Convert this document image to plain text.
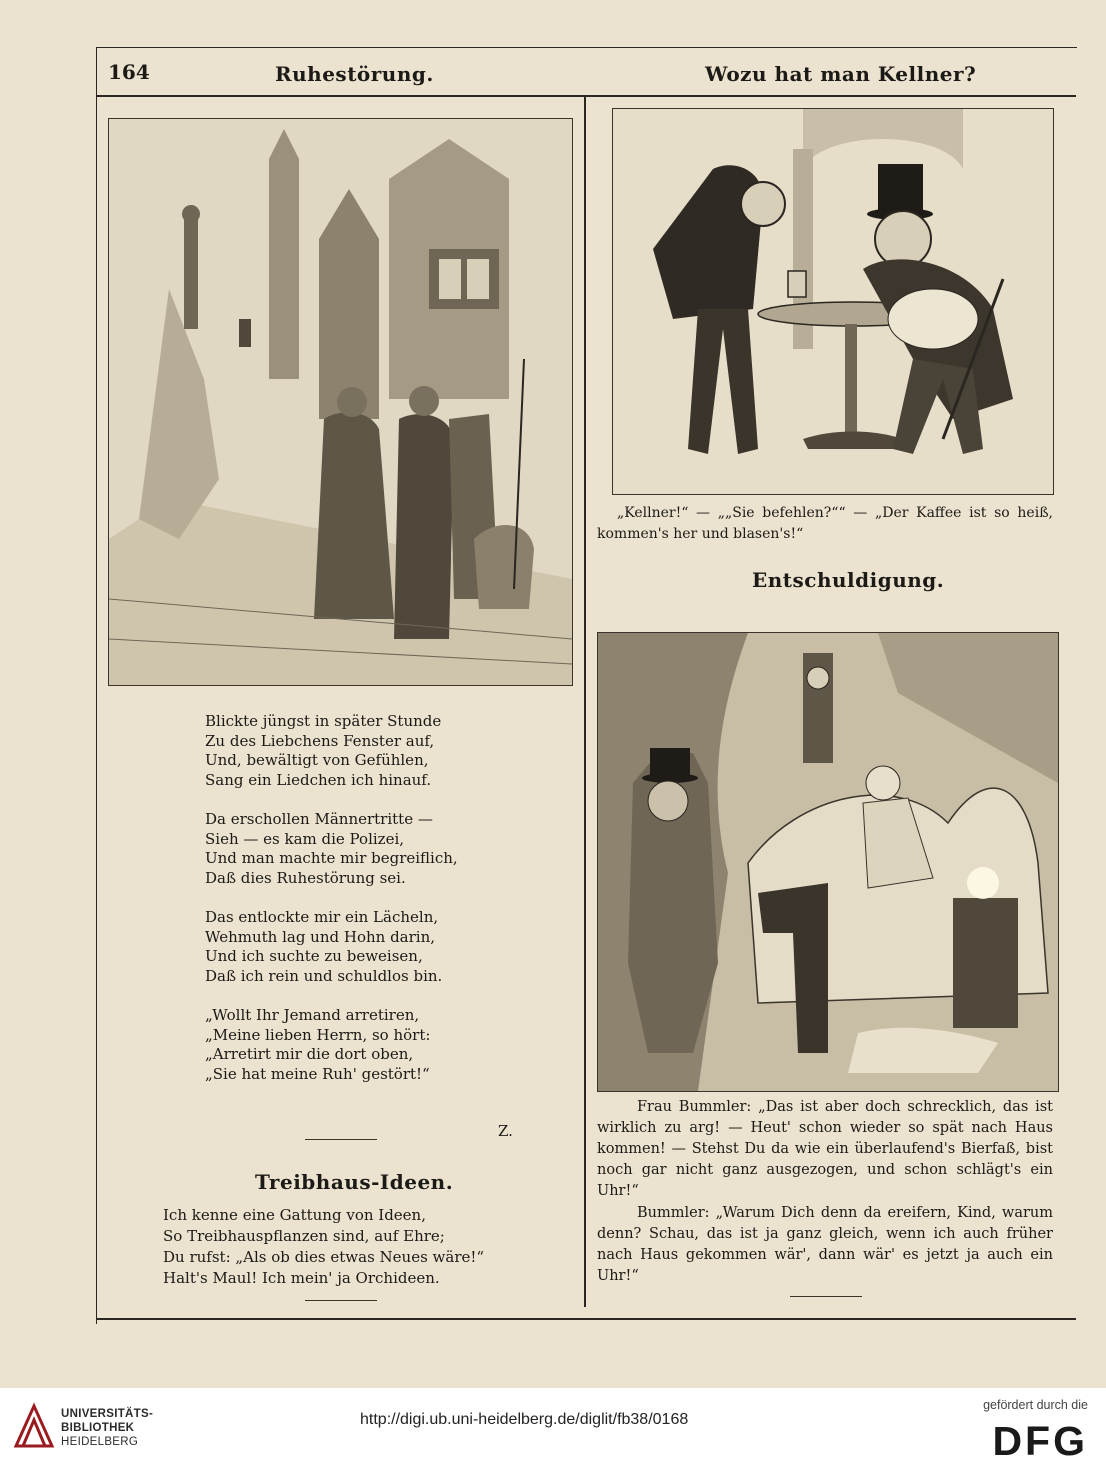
164	Ruhestörung.	Wozu hat man Kellner?
Blickte jüngst in später Stunde
Zu des Liebchens Fenster auf,
Und, bewältigt von Gefühlen,
Sang ein Liedchen ich hinauf.
Da erschollen Männertritte —
Sieh — es kam die Polizei,
Und man machte mir begreiflich,
Daß dies Ruhestörung sei.
Das entlockte mir ein Lächeln,
Wehmuth lag und Hohn darin,
Und ich suchte zu beweisen,
Daß ich rein und schuldlos bin.
„Wollt Ihr Jemand arretiren,
„Meine lieben Herrn, so hört:
„Arretirt mir die dort oben,
„Sie hat meine Ruh' gestört!“
Z.
Treibhaus-Ideen.
Ich kenne eine Gattung von Ideen,
So Treibhauspflanzen sind, auf Ehre;
Du rufst: „Als ob dies etwas Neues wäre!“
Halt's Maul! Ich mein' ja Orchideen.
„Kellner!“ — „„Sie befehlen?““ — „Der Kaffee ist so heiß, kommen's her und blasen's!“
Entschuldigung.
Frau Bummler: „Das ist aber doch schrecklich, das ist wirklich zu arg! — Heut' schon wieder so spät nach Haus kommen! — Stehst Du da wie ein überlaufend's Bierfaß, bist noch gar nicht ganz ausgezogen, und schon schlägt's ein Uhr!“
Bummler: „Warum Dich denn da ereifern, Kind, warum denn? Schau, das ist ja ganz gleich, wenn ich auch früher nach Haus gekommen wär', dann wär' es jetzt ja auch ein Uhr!“
UNIVERSITÄTS-
BIBLIOTHEK
HEIDELBERG
http://digi.ub.uni-heidelberg.de/diglit/fb38/0168
gefördert durch die
DFG
